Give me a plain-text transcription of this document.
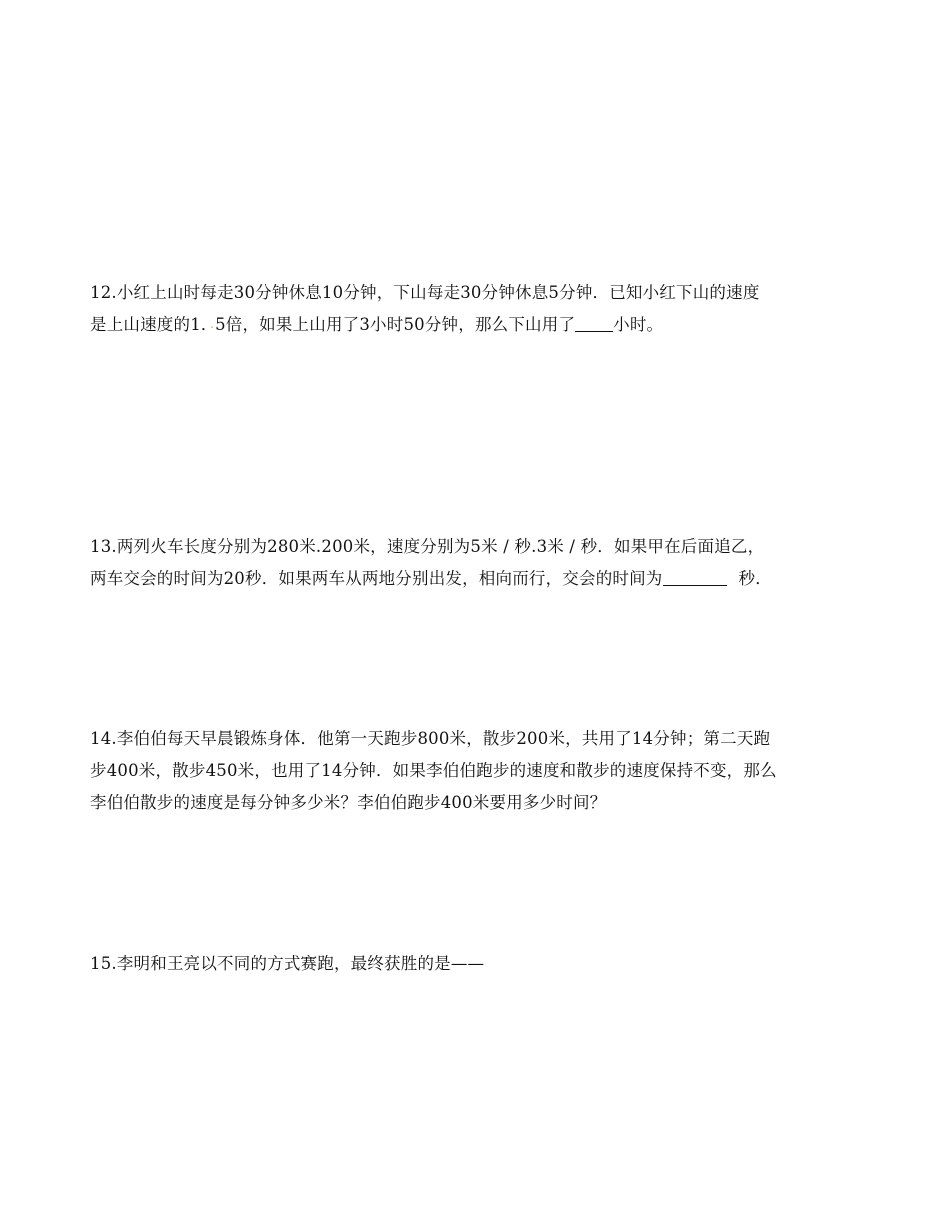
12.小红上山时每走30分钟休息10分钟，下山每走30分钟休息5分钟．已知小红下山的速度
是上山速度的1．·5倍，如果上山用了3小时50分钟，那么下山用了 小时。
13.两列火车长度分别为280米.200米，速度分别为5米 / 秒.3米 / 秒．如果甲在后面追乙，
两车交会的时间为20秒．如果两车从两地分别出发，相向而行，交会的时间为	秒．
14.李伯伯每天早晨锻炼身体．他第一天跑步800米，散步200米，共用了14分钟；第二天跑
步400米，散步450米，也用了14分钟．如果李伯伯跑步的速度和散步的速度保持不变，那么
李伯伯散步的速度是每分钟多少米？李伯伯跑步400米要用多少时间？
15.李明和王亮以不同的方式赛跑，最终获胜的是——
